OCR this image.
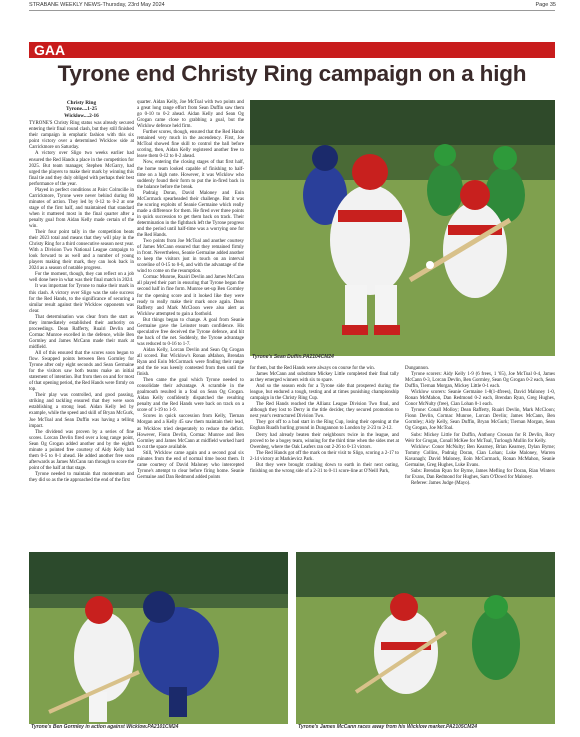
STRABANE WEEKLY NEWS-Thursday, 23rd May 2024	Page 35
GAA
Tyrone end Christy Ring campaign on a high
Christy Ring
Tyrone....1-25
Wicklow....2-16

TYRONE'S Christy Ring status was already secured entering their final round clash, but they still finished their campaign in emphatic fashion with this six point victory over a determined Wicklow side at Carrickmore on Saturday.

A victory over Sligo two weeks earlier had ensured the Red Hands a place in the competition for 2025. But team manager, Stephen McGarry, had urged the players to make their mark by winning this final tie and they duly obliged with perhaps their best performance of the year.

Played in perfect conditions at Pairc Colmcille in Carrickmore, Tyrone were never behind during 80 minutes of action. They led by 0-12 to 0-2 at one stage of the first half, and maintained that standard when it mattered most in the final quarter after a penalty goal from Aidan Kelly made certain of the win.

Their four point tally in the competition beats their 2023 total and means that they will play in the Christy Ring for a third consecutive season next year. With a Division Two National League campaign to look forward to as well and a number of young players making their mark, they can look back in 2024 as a season of notable progress.

For the moment, though, they can reflect on a job well done here in what was their final match in 2024.

It was important for Tyrone to make their mark in this clash. A victory over Sligo was the sole success for the Red Hands, to the significance of securing a similar result against their Wicklow opponents was clear.

That determination was clear from the start as they immediately established their authority on proceedings. Dean Rafferty, Ruairi Devlin and Cormac Munroe excelled in the defence, while Ben Gormley and James McCann made their mark at midfield.

All of this ensured that the scores soon began to flow. Swapped points between Ben Gormley for Tyrone after only eight seconds and Sean Germaine for the visitors saw both teams make an initial statement of intention. But from then on and for most of that opening period, the Red Hands were firmly on top.

Their play was controlled, and good passing, striking and tackling ensured that they were soon establishing a strong lead. Aidan Kelly led by example, while the speed and skill of Bryan McGurk, Joe McToal and Sean Duffin was having a telling impact.

The dividend was proven by a series of fine scores. Lorcan Devlin fired over a long range point, Sean Og Grogan added another and by the eighth minute a pointed free courtesy of Aidy Kelly had them 0-5 to 0-1 ahead. He added another free soon afterwards as James McCann ran through to score the point of the half at that stage.

Tyrone needed to maintain that momentum and they did so as the tie approached the end of the first

quarter. Aidan Kelly, Joe McToal with two points and a great long range effort from Sean Duffin saw them go 0-10 to 0-2 ahead. Aidan Kelly and Sean Og Grogan came close to grabbing a goal, but the Wicklow defence held firm.

Further scores, though, ensured that the Red Hands remained very much in the ascendency. First, Joe McToal showed fine skill to control the ball before scoring, then, Aidan Kelly registered another free to leave them 0-12 to 0-2 ahead.

Now, entering the closing stages of that first half, the home team looked capable of finishing to half-time on a high note. However, it was Wicklow who suddenly found their form to put the in-fired back in the balance before the break.

Padraig Doran, David Maloney and Eoin McCormack spearheaded their challenge. But it was the scoring exploits of Seanie Germaine which really made a difference for them. He fired over three points in quick succession to get them back on track. Their determination in the fightback left the Tyrone progress and the period until half-time was a worrying one for the Red Hands.

Two points from Joe McToal and another courtesy of James McCann ensured that they remained firmly in front. Nevertheless, Seanie Germaine added another to keep the visitors just in touch on an interval scoreline of 0-15 to 0-6, and with the advantage of the wind to come on the resumption.

Cormac Munroe, Ruairi Devlin and James McCann all played their part in ensuring that Tyrone began the second half in fine form. Munroe set-up Ben Gormley for the opening score and it looked like they were ready to really make their mark once again. Dean Rafferty and Mark McCloon were also alert as Wicklow attempted to gain a foothold.

But things began to change. A goal from Seanie Germaine gave the Leinster team confidence. His speculative free deceived the Tyrone defence, and hit the back of the net. Suddenly, the Tyrone advantage was reduced to 0-16 to 1-7.

Aidan Kelly, Lorcan Devlin and Sean Og Grogan all scored. But Wicklow's Ronan aMahon, Brendan Ryan and Eoin McCormack were finding their range and the tie was keenly contested from then until the finish.

Then came the goal which Tyrone needed to consolidate their advantage. A scramble in the goalmouth resulted in a foul on Sean Og Grogan. Aidan Kelly confidently dispatched the resulting penalty and the Red Hands were back on track on a score of 1-19 to 1-9.

Scores in quick succession from Kelly, Tiernan Morgan and a Kelly 45 saw them maintain their lead, as Wicklow tried desperately to reduce the deficit. However, Fionn Devlin, Cormac Munroe and Ben Gormley and James McCann at midfield worked hard to cut the space available.

Still, Wicklow came again and a second goal six minutes from the end of normal time boost them. It came courtesy of David Maloney who intercepted Tyrone's attempt to clear before firing home. Seanie Germaine and Dan Redmond added points

Tyrone's Sean Duffin.PA2104CM24

for them, but the Red Hands were always on course for the win.

James McCann and substitute Mickey Little completed their final tally as they emerged winners with six to spare.

And so the season ends for a Tyrone side that prospered during the league, but endured a tough, testing and at times punishing championship campaign in the Christy Ring Cup.

The Red Hands reached the Allianz League Division Two final, and although they lost to Derry in the title decider, they secured promotion to next year's restructured Division Two.

They got off to a bad start in the Ring Cup, losing their opening at the Eoghan Ruadh hurling ground in Dungannon to London by 2-23 to 2-12.

Derry had already beaten their neighbours twice in the league, and proved to be a bogey team, winning for the third time when the sides met at Owenbeg, where the Oak Leafers ran out 2-26 to 0-13 victors.

The Red Hands got off the mark on their visit to Sligo, scoring a 2-17 to 2-14 victory at Markievicz Park.

But they were brought crashing down to earth in their next outing, finishing on the wrong side of a 2-31 to 0-11 score-line at O'Neill Park,

Dungannon.

Tyrone scorers: Aidy Kelly 1-9 (6 frees, 1 '65), Joe McToal 0-4, James McCann 0-3, Lorcan Devlin, Ben Gormley, Sean Og Grogan 0-2 each, Sean Duffin, Tiernan Morgan, Mickey Little 0-1 each.

Wicklow scorers: Seanie Germaine 1-8(1-4frees), David Maloney 1-0, Ronan McMahon, Dan Redmond 0-2 each, Brendan Ryan, Greg Hughes, Conor McNulty (free), Cian Lohan 0-1 each.

Tyrone: Conall Molloy; Dean Rafferty, Ruairi Devlin, Mark McCloon; Fionn Devlin, Cormac Munroe, Lorcan Devlin; James McCann, Ben Gormley; Aidy Kelly, Sean Duffin, Bryan McGurk; Tiernan Morgan, Sean Og Grogan, Joe McToal.

Subs: Mickey Little for Duffin, Anthony Crossan for R Devlin, Rory Weir for Grogan, Conall McKee for McToal, Turlough Mullin for Kelly.

Wicklow: Conor McNulty; Ben Kearney, Brian Kearney, Dylan Byrne; Tommy Collins, Padraig Doran, Cian Lohan; Luke Maloney, Warren Kavanagh; David Maloney, Eoin McCormack, Ronan McMahon, Seanie Germaine, Greg Hughes, Luke Evans.

Subs: Brendan Ryan for Byrne, James Mefling for Doran, Rian Winters for Evans, Dan Redmond for Hughes, Sam O'Dowd for Maloney.

Referee: James Judge (Mayo).

Tyrone's Ben Gormley in action against Wicklow.PA2101CM24	Tyrone's James McCann races away from his Wicklow marker.PA2105CM24
